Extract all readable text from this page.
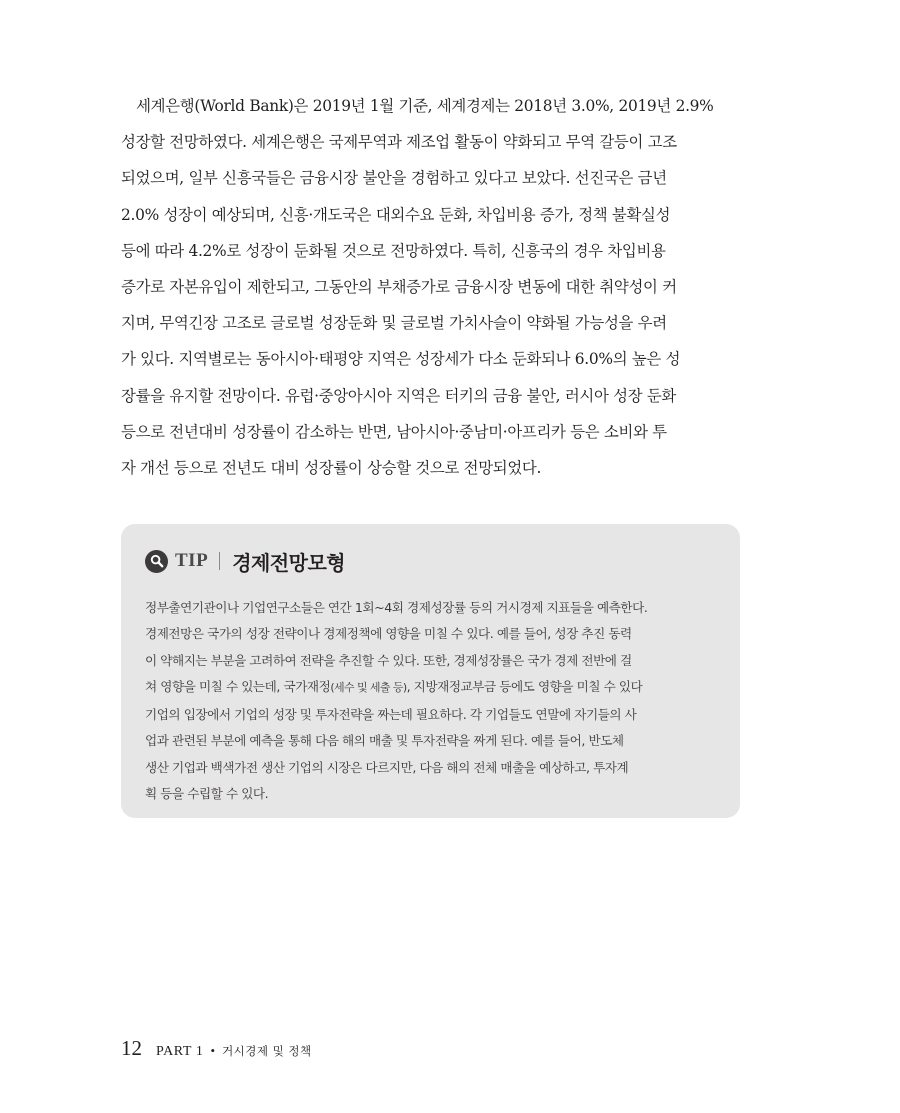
　세계은행(World Bank)은 2019년 1월 기준, 세계경제는 2018년 3.0%, 2019년 2.9%
성장할 전망하였다. 세계은행은 국제무역과 제조업 활동이 약화되고 무역 갈등이 고조
되었으며, 일부 신흥국들은 금융시장 불안을 경험하고 있다고 보았다. 선진국은 금년
2.0% 성장이 예상되며, 신흥·개도국은 대외수요 둔화, 차입비용 증가, 정책 불확실성
등에 따라 4.2%로 성장이 둔화될 것으로 전망하였다. 특히, 신흥국의 경우 차입비용
증가로 자본유입이 제한되고, 그동안의 부채증가로 금융시장 변동에 대한 취약성이 커
지며, 무역긴장 고조로 글로벌 성장둔화 및 글로벌 가치사슬이 약화될 가능성을 우려
가 있다. 지역별로는 동아시아·태평양 지역은 성장세가 다소 둔화되나 6.0%의 높은 성
장률을 유지할 전망이다. 유럽·중앙아시아 지역은 터키의 금융 불안, 러시아 성장 둔화
등으로 전년대비 성장률이 감소하는 반면, 남아시아·중남미·아프리카 등은 소비와 투
자 개선 등으로 전년도 대비 성장률이 상승할 것으로 전망되었다.

TIP 경제전망모형

정부출연기관이나 기업연구소들은 연간 1회~4회 경제성장률 등의 거시경제 지표들을 예측한다.
경제전망은 국가의 성장 전략이나 경제정책에 영향을 미칠 수 있다. 예를 들어, 성장 추진 동력
이 약해지는 부분을 고려하여 전략을 추진할 수 있다. 또한, 경제성장률은 국가 경제 전반에 걸
쳐 영향을 미칠 수 있는데, 국가재정(세수 및 세출 등), 지방재정교부금 등에도 영향을 미칠 수 있다

기업의 입장에서 기업의 성장 및 투자전략을 짜는데 필요하다. 각 기업들도 연말에 자기들의 사
업과 관련된 부분에 예측을 통해 다음 해의 매출 및 투자전략을 짜게 된다. 예를 들어, 반도체
생산 기업과 백색가전 생산 기업의 시장은 다르지만, 다음 해의 전체 매출을 예상하고, 투자계
획 등을 수립할 수 있다.

12 PART 1 • 거시경제 및 정책
